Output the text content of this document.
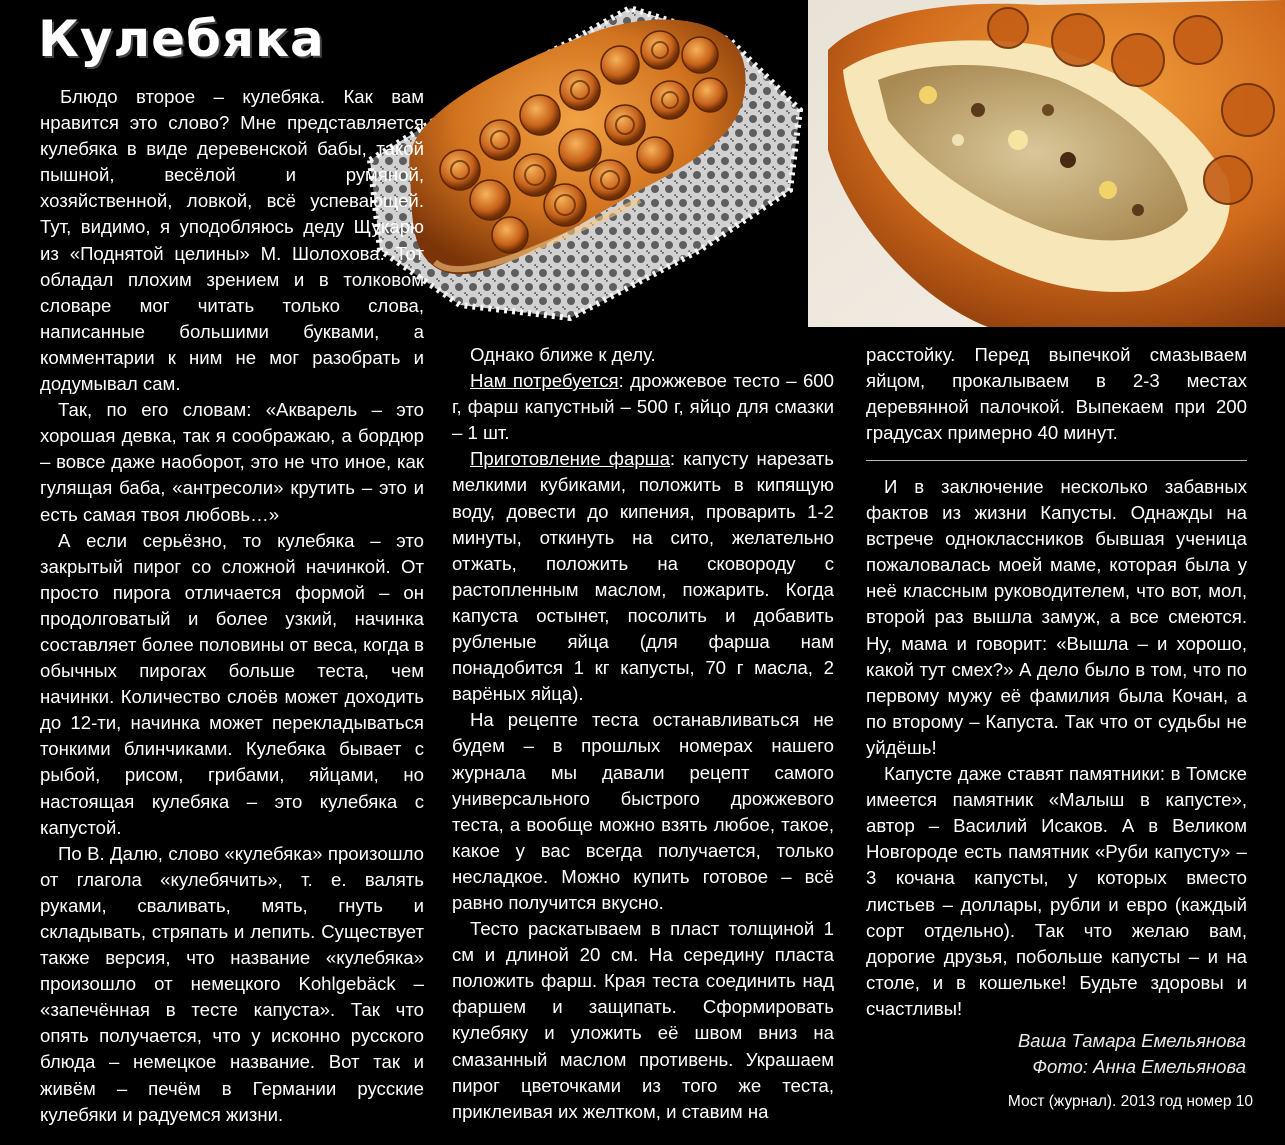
Кулебяка

Блюдо второе – кулебяка. Как вам нравится это слово? Мне представляется кулебяка в виде деревенской бабы, такой пышной, весёлой и румяной, хозяйственной, ловкой, всё успевающей. Тут, видимо, я уподобляюсь деду Щукарю из «Поднятой целины» М. Шолохова. Тот обладал плохим зрением и в толковом словаре мог читать только слова, написанные большими буквами, а комментарии к ним не мог разобрать и додумывал сам.

Так, по его словам: «Акварель – это хорошая девка, так я соображаю, а бордюр – вовсе даже наоборот, это не что иное, как гулящая баба, «антресоли» крутить – это и есть самая твоя любовь…»

А если серьёзно, то кулебяка – это закрытый пирог со сложной начинкой. От просто пирога отличается формой – он продолговатый и более узкий, начинка составляет более половины от веса, когда в обычных пирогах больше теста, чем начинки. Количество слоёв может доходить до 12-ти, начинка может перекладываться тонкими блинчиками. Кулебяка бывает с рыбой, рисом, грибами, яйцами, но настоящая кулебяка – это кулебяка с капустой.

По В. Далю, слово «кулебяка» произошло от глагола «кулебячить», т. е. валять руками, сваливать, мять, гнуть и складывать, стряпать и лепить. Существует также версия, что название «кулебяка» произошло от немецкого Kohlgebäck – «запечённая в тесте капуста». Так что опять получается, что у исконно русского блюда – немецкое название. Вот так и живём – печём в Германии русские кулебяки и радуемся жизни.

Однако ближе к делу.

Нам потребуется: дрожжевое тесто – 600 г, фарш капустный – 500 г, яйцо для смазки – 1 шт.

Приготовление фарша: капусту нарезать мелкими кубиками, положить в кипящую воду, довести до кипения, проварить 1-2 минуты, откинуть на сито, желательно отжать, положить на сковороду с растопленным маслом, пожарить. Когда капуста остынет, посолить и добавить рубленые яйца (для фарша нам понадобится 1 кг капусты, 70 г масла, 2 варёных яйца).

На рецепте теста останавливаться не будем – в прошлых номерах нашего журнала мы давали рецепт самого универсального быстрого дрожжевого теста, а вообще можно взять любое, такое, какое у вас всегда получается, только несладкое. Можно купить готовое – всё равно получится вкусно.

Тесто раскатываем в пласт толщиной 1 см и длиной 20 см. На середину пласта положить фарш. Края теста соединить над фаршем и защипать. Сформировать кулебяку и уложить её швом вниз на смазанный маслом противень. Украшаем пирог цветочками из того же теста, приклеивая их желтком, и ставим на

расстойку. Перед выпечкой смазываем яйцом, прокалываем в 2-3 местах деревянной палочкой. Выпекаем при 200 градусах примерно 40 минут.

И в заключение несколько забавных фактов из жизни Капусты. Однажды на встрече одноклассников бывшая ученица пожаловалась моей маме, которая была у неё классным руководителем, что вот, мол, второй раз вышла замуж, а все смеются. Ну, мама и говорит: «Вышла – и хорошо, какой тут смех?» А дело было в том, что по первому мужу её фамилия была Кочан, а по второму – Капуста. Так что от судьбы не уйдёшь!

Капусте даже ставят памятники: в Томске имеется памятник «Малыш в капусте», автор – Василий Исаков. А в Великом Новгороде есть памятник «Руби капусту» – 3 кочана капусты, у которых вместо листьев – доллары, рубли и евро (каждый сорт отдельно). Так что желаю вам, дорогие друзья, побольше капусты – и на столе, и в кошельке! Будьте здоровы и счастливы!

Ваша Тамара Емельянова
Фото: Анна Емельянова
Мост (журнал). 2013 год номер 10
